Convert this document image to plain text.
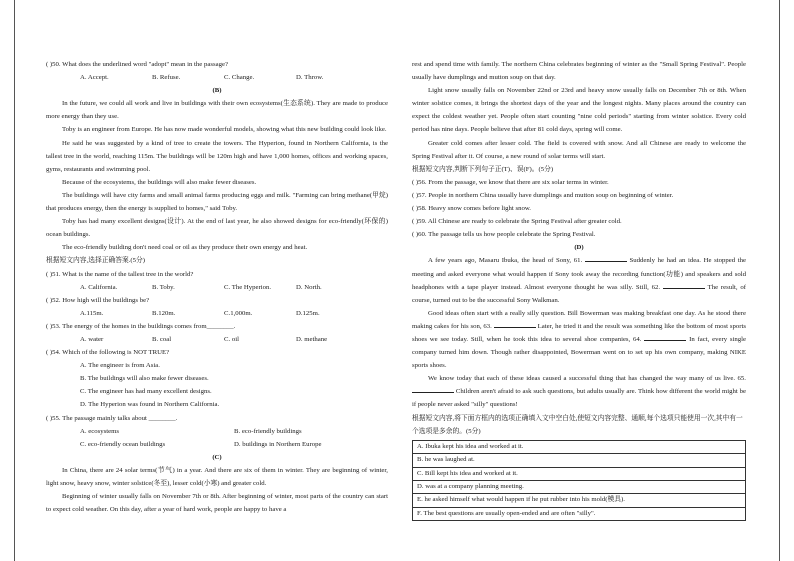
( )50. What does the underlined word "adopt" mean in the passage?

A. Accept.	B. Refuse.	C. Change.	D. Throw.

(B)

In the future, we could all work and live in buildings with their own ecosystems(生态系统). They are made to produce more energy than they use.

Toby is an engineer from Europe. He has now made wonderful models, showing what this new building could look like.

He said he was suggested by a kind of tree to create the towers. The Hyperion, found in Northern California, is the tallest tree in the world, reaching 115m. The buildings will be 120m high and have 1,000 homes, offices and working spaces, gyms, restaurants and swimming pool.

Because of the ecosystems, the buildings will also make fewer diseases.

The buildings will have city farms and small animal farms producing eggs and milk. "Farming can bring methane(甲烷) that produces energy, then the energy is supplied to homes," said Toby.

Toby has had many excellent designs(设计). At the end of last year, he also showed designs for eco-friendly(环保的) ocean buildings.

The eco-friendly building don't need coal or oil as they produce their own energy and heat.

根据短文内容,选择正确答案.(5分)

( )51. What is the name of the tallest tree in the world?

A. California.	B. Toby.	C. The Hyperion.	D. North.

( )52. How high will the buildings be?

A.115m.	B.120m.	C.1,000m.	D.125m.

( )53. The energy of the homes in the buildings comes from________.

A. water	B. coal	C. oil	D. methane

( )54. Which of the following is NOT TRUE?

A. The engineer is from Asia.
B. The buildings will also make fewer diseases.
C. The engineer has had many excellent designs.
D. The Hyperion was found in Northern California.

( )55. The passage mainly talks about ________.

A. ecosystems	B. eco-friendly buildings
C. eco-friendly ocean buildings	D. buildings in Northern Europe

(C)

In China, there are 24 solar terms(节气) in a year. And there are six of them in winter. They are beginning of winter, light snow, heavy snow, winter solstice(冬至), lesser cold(小寒) and greater cold.

Beginning of winter usually falls on November 7th or 8th. After beginning of winter, most parts of the country can start to expect cold weather. On this day, after a year of hard work, people are happy to have a

rest and spend time with family. The northern China celebrates beginning of winter as the "Small Spring Festival". People usually have dumplings and mutton soup on that day.

Light snow usually falls on November 22nd or 23rd and heavy snow usually falls on December 7th or 8th. When winter solstice comes, it brings the shortest days of the year and the longest nights. Many places around the country can expect the coldest weather yet. People often start counting "nine cold periods" starting from winter solstice. Every cold period has nine days. People believe that after 81 cold days, spring will come.

Greater cold comes after lesser cold. The field is covered with snow. And all Chinese are ready to welcome the Spring Festival after it. Of course, a new round of solar terms will start.

根据短文内容,判断下列句子正(T)、误(F)。(5分)

( )56. From the passage, we know that there are six solar terms in winter.

( )57. People in northern China usually have dumplings and mutton soup on beginning of winter.

( )58. Heavy snow comes before light snow.

( )59. All Chinese are ready to celebrate the Spring Festival after greater cold.

( )60. The passage tells us how people celebrate the Spring Festival.

(D)

A few years ago, Masaru Ibuka, the head of Sony, 61.	Suddenly he had an idea. He stopped the meeting and asked everyone what would happen if Sony took away the recording function(功能) and speakers and sold headphones with a tape player instead. Almost everyone thought he was silly. Still, 62.	The result, of course, turned out to be the successful Sony Walkman.

Good ideas often start with a really silly question. Bill Bowerman was making breakfast one day. As he stood there making cakes for his son, 63.	Later, he tried it and the result was something like the bottom of most sports shoes we see today. Still, when he took this idea to several shoe companies, 64.	In fact, every single company turned him down. Though rather disappointed, Bowerman went on to set up his own company, making NIKE sports shoes.

We know today that each of these ideas caused a successful thing that has changed the way many of us live. 65.  Children aren't afraid to ask such questions, but adults usually are. Think how different the world might be if people never asked "silly" questions!

根据短文内容,将下面方框内的选项正确填入文中空白处,使短文内容完整、通顺,每个选项只能使用一次,其中有一个选项是多余的。(5分)

A. Ibuka kept his idea and worked at it.
B. he was laughed at.
C. Bill kept his idea and worked at it.
D. was at a company planning meeting.
E. he asked himself what would happen if he put rubber into his mold(模具).
F. The best questions are usually open-ended and are often "silly".
